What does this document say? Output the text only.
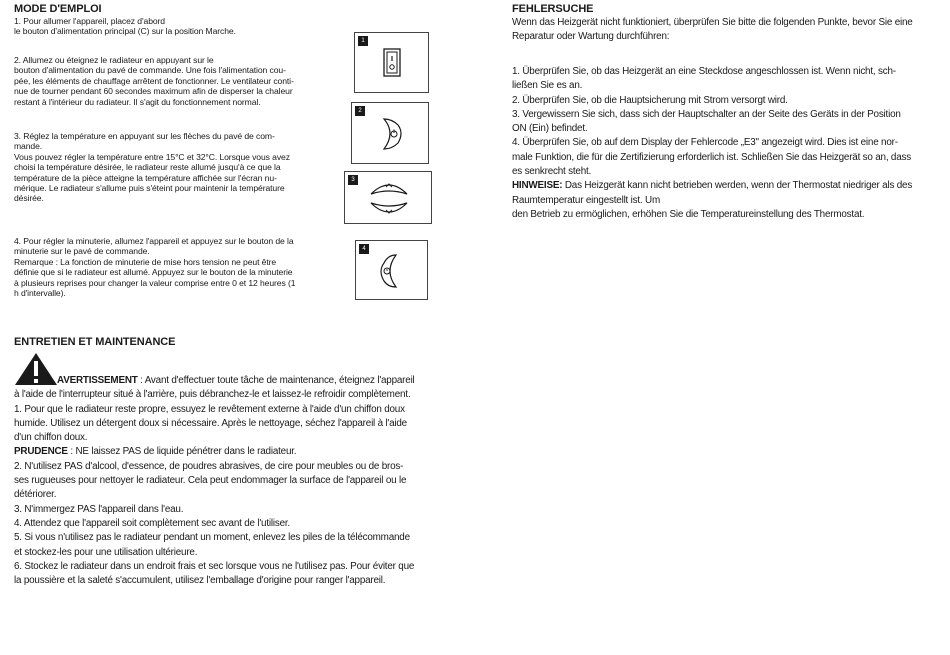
MODE D'EMPLOI

1. Pour allumer l'appareil, placez d'abord

le bouton d'alimentation principal (C) sur la position Marche.

2. Allumez ou éteignez le radiateur en appuyant sur le

bouton d'alimentation du pavé de commande. Une fois l'alimentation cou-

pée, les éléments de chauffage arrêtent de fonctionner. Le ventilateur conti-

nue de tourner pendant 60 secondes maximum afin de disperser la chaleur

restant à l'intérieur du radiateur. Il s'agit du fonctionnement normal.

3. Réglez la température en appuyant sur les flèches du pavé de com-

mande.

Vous pouvez régler la température entre 15°C et 32°C. Lorsque vous avez

choisi la température désirée, le radiateur reste allumé jusqu'à ce que la

température de la pièce atteigne la température affichée sur l'écran nu-

mérique. Le radiateur s'allume puis s'éteint pour maintenir la température

désirée.

4. Pour régler la minuterie, allumez l'appareil et appuyez sur le bouton de la

minuterie sur le pavé de commande.

Remarque : La fonction de minuterie de mise hors tension ne peut être

définie que si le radiateur est allumé. Appuyez sur le bouton de la minuterie

à plusieurs reprises pour changer la valeur comprise entre 0 et 12 heures (1

h d'intervalle).

ENTRETIEN ET MAINTENANCE

AVERTISSEMENT : Avant d'effectuer toute tâche de maintenance, éteignez l'appareil

à l'aide de l'interrupteur situé à l'arrière, puis débranchez-le et laissez-le refroidir complètement.

1. Pour que le radiateur reste propre, essuyez le revêtement externe à l'aide d'un chiffon doux

humide. Utilisez un détergent doux si nécessaire. Après le nettoyage, séchez l'appareil à l'aide

d'un chiffon doux.

PRUDENCE : NE laissez PAS de liquide pénétrer dans le radiateur.

2. N'utilisez PAS d'alcool, d'essence, de poudres abrasives, de cire pour meubles ou de bros-

ses rugueuses pour nettoyer le radiateur. Cela peut endommager la surface de l'appareil ou le

détériorer.

3. N'immergez PAS l'appareil dans l'eau.

4. Attendez que l'appareil soit complètement sec avant de l'utiliser.

5. Si vous n'utilisez pas le radiateur pendant un moment, enlevez les piles de la télécommande

et stockez-les pour une utilisation ultérieure.

6. Stockez le radiateur dans un endroit frais et sec lorsque vous ne l'utilisez pas. Pour éviter que

la poussière et la saleté s'accumulent, utilisez l'emballage d'origine pour ranger l'appareil.

1
2
3
4

FEHLERSUCHE

Wenn das Heizgerät nicht funktioniert, überprüfen Sie bitte die folgenden Punkte, bevor Sie eine

Reparatur oder Wartung durchführen:

1. Überprüfen Sie, ob das Heizgerät an eine Steckdose angeschlossen ist. Wenn nicht, sch-

ließen Sie es an.

2. Überprüfen Sie, ob die Hauptsicherung mit Strom versorgt wird.

3. Vergewissern Sie sich, dass sich der Hauptschalter an der Seite des Geräts in der Position

ON (Ein) befindet.

4. Überprüfen Sie, ob auf dem Display der Fehlercode „E3" angezeigt wird. Dies ist eine nor-

male Funktion, die für die Zertifizierung erforderlich ist. Schließen Sie das Heizgerät so an, dass

es senkrecht steht.

HINWEISE: Das Heizgerät kann nicht betrieben werden, wenn der Thermostat niedriger als des

Raumtemperatur eingestellt ist. Um

den Betrieb zu ermöglichen, erhöhen Sie die Temperatureinstellung des Thermostat.
